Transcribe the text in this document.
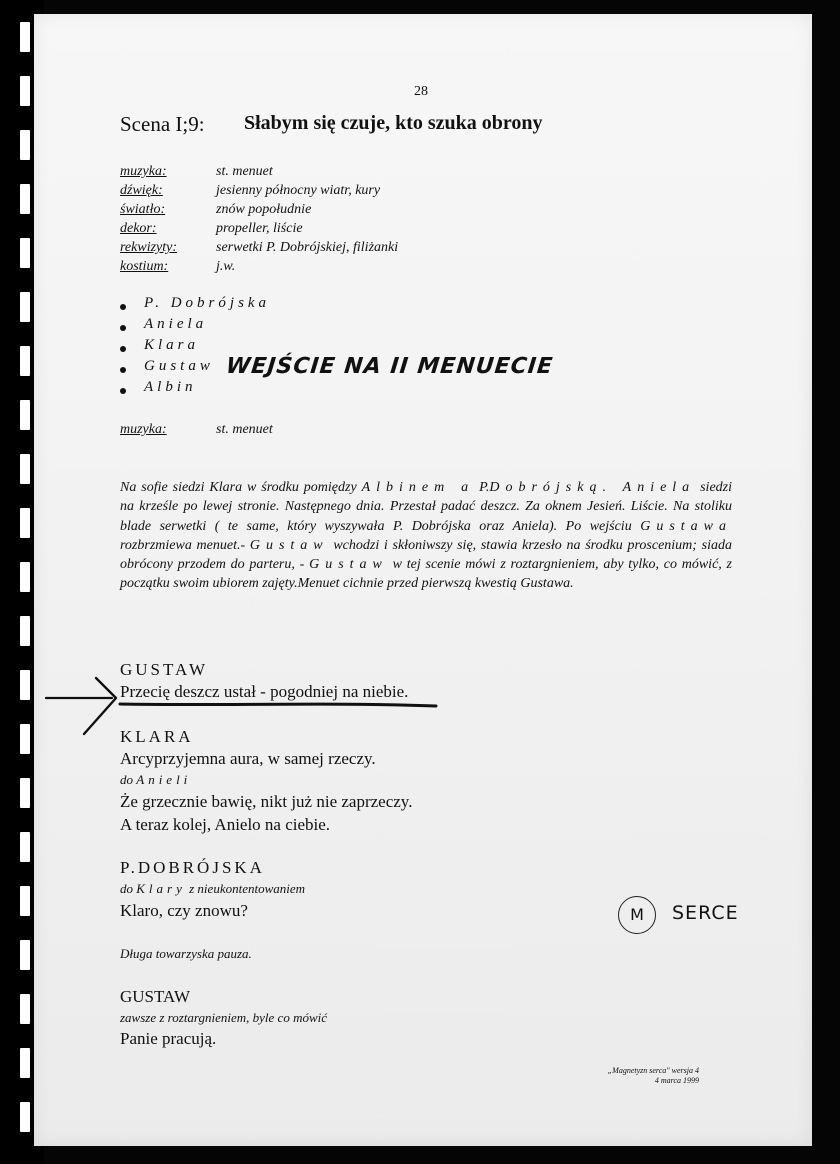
28
Scena I;9: Słabym się czuje, kto szuka obrony
muzyka:	st. menuet
dźwięk:	jesienny północny wiatr, kury
światło:	znów popołudnie
dekor:	propeller, liście
rekwizyty:	serwetki P. Dobrójskiej, filiżanki
kostium:	j.w.
P. Dobrójska
Aniela
Klara
Gustaw
Albin
WEJŚCIE NA II MENUECIE
muzyka:	st. menuet
Na sofie siedzi Klara w środku pomiędzy Albinem a P.Dobrójską. Aniela siedzi na krześle po lewej stronie. Następnego dnia. Przestał padać deszcz. Za oknem Jesień. Liście. Na stoliku blade serwetki ( te same, który wyszywała P. Dobrójska oraz Aniela). Po wejściu Gustawa rozbrzmiewa menuet.- Gustaw wchodzi i skłoniwszy się, stawia krzesło na środku proscenium; siada obrócony przodem do parteru, - Gustaw w tej scenie mówi z roztargnieniem, aby tylko, co mówić, z początku swoim ubiorem zajęty.Menuet cichnie przed pierwszą kwestią Gustawa.
GUSTAW
Przecię deszcz ustał - pogodniej na niebie.
KLARA
Arcyprzyjemna aura, w samej rzeczy.
do Anieli
Że grzecznie bawię, nikt już nie zaprzeczy.
A teraz kolej, Anielo na ciebie.
P.DOBRÓJSKA
do Klary z nieukontentowaniem
Klaro, czy znowu?
Długa towarzyska pauza.
GUSTAW
zawsze z roztargnieniem, byle co mówić
Panie pracują.
M	SERCE
„Magnetyzn serca" wersja 4
4 marca 1999
